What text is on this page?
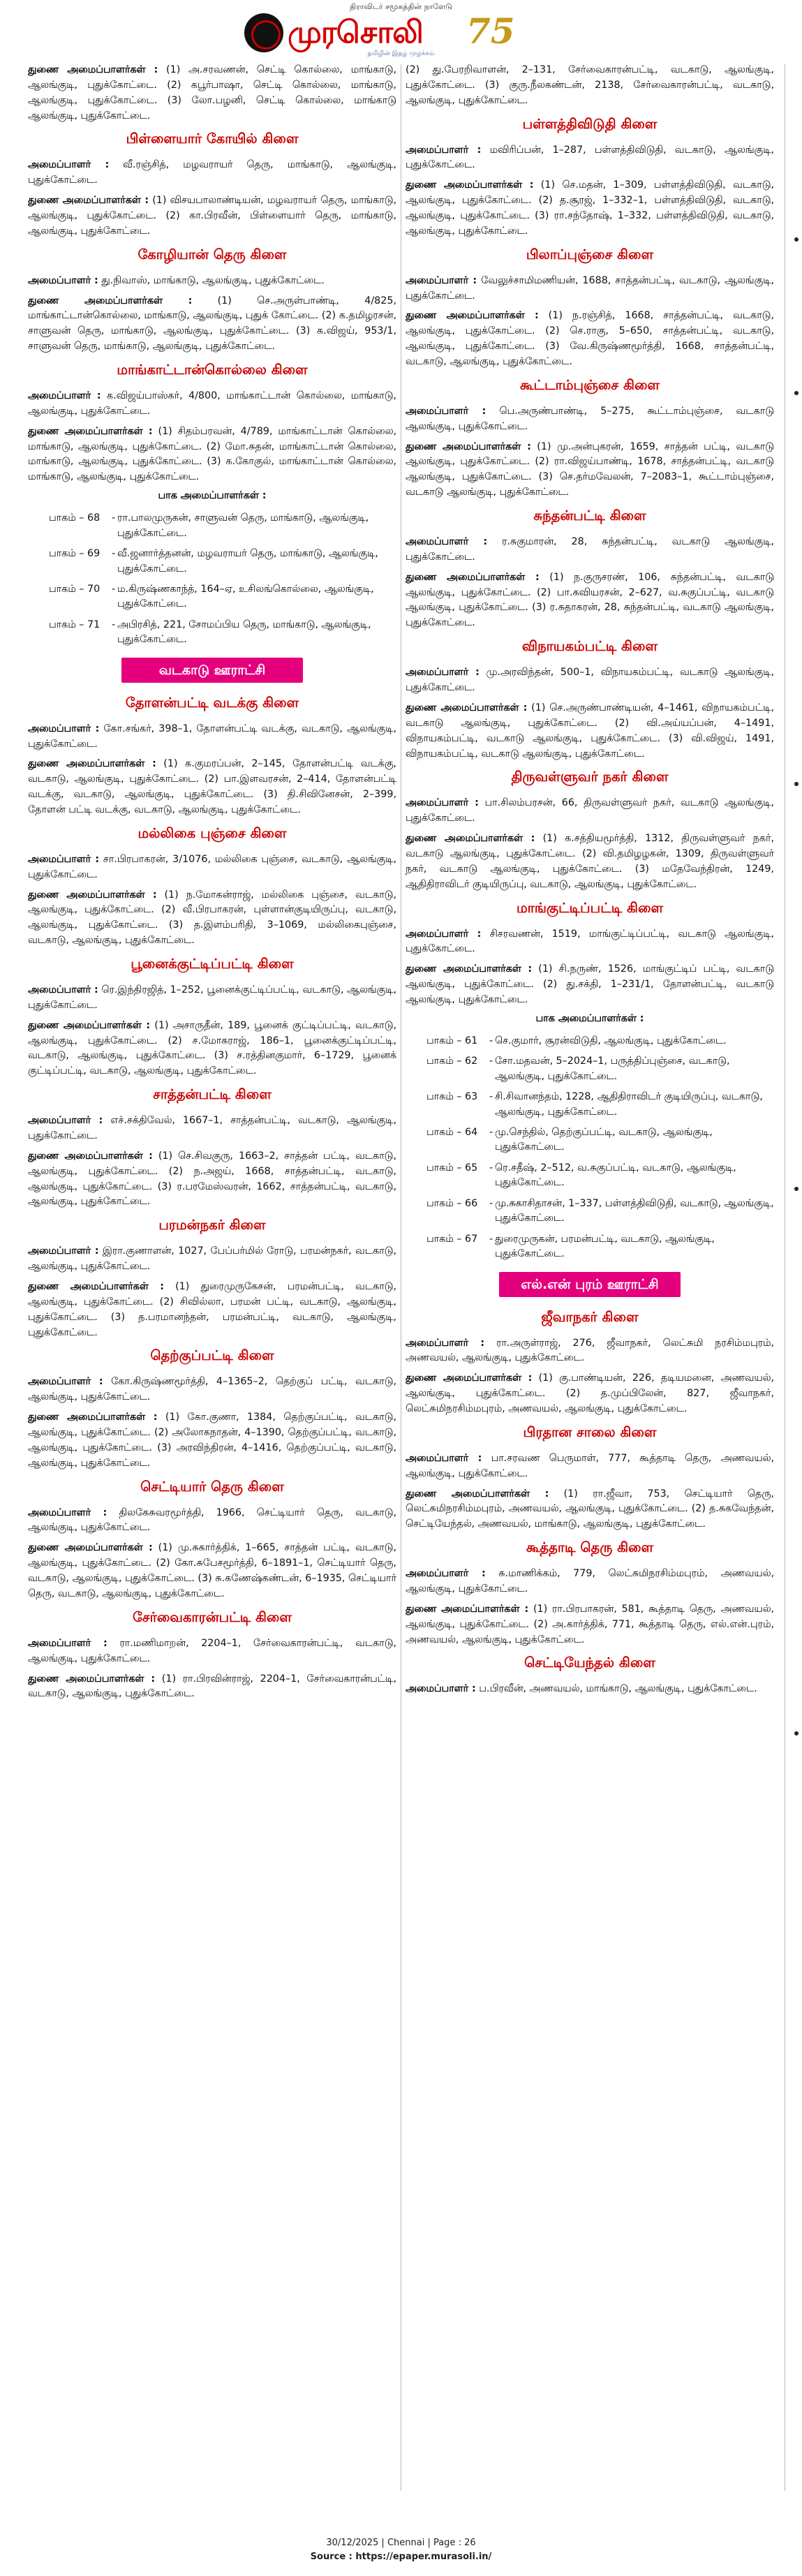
திராவிடர் சமூகத்தின் நாளேடு
முரசொலி	75
தமிழின் இதழ் முழக்கம்

துணை அமைப்பாளர்கள் : (1) அ.சரவணன், செட்டி கொல்லை, மாங்காடு, ஆலங்குடி, புதுக்கோட்டை. (2) கபூர்பாஷா, செட்டி கொல்லை, மாங்காடு, ஆலங்குடி, புதுக்கோட்டை. (3) லோ.பழனி, செட்டி கொல்லை, மாங்காடு ஆலங்குடி, புதுக்கோட்டை.

பிள்ளையார் கோயில் கிளை

அமைப்பாளர் : வீ.ரஞ்சித், மழவராயர் தெரு, மாங்காடு, ஆலங்குடி, புதுக்கோட்டை.

துணை அமைப்பாளர்கள் : (1) விசயபாலாண்டியன், மழவராயர் தெரு, மாங்காடு, ஆலங்குடி, புதுக்கோட்டை. (2) கா.பிரவீன், பிள்ளையார் தெரு, மாங்காடு, ஆலங்குடி, புதுக்கோட்டை.

கோழியான் தெரு கிளை

அமைப்பாளர் : து.நிவாஸ், மாங்காடு, ஆலங்குடி, புதுக்கோட்டை.

துணை அமைப்பாளர்கள் :	(1) செ.அருள்பாண்டி, 4/825, மாங்காட்டான்கொல்லை, மாங்காடு, ஆலங்குடி, புதுக் கோட்டை. (2) க.தமிழரசன், சாளுவன் தெரு, மாங்காடு, ஆலங்குடி, புதுக்கோட்டை. (3) க.விஜய், 953/1, சாளுவன் தெரு, மாங்காடு, ஆலங்குடி, புதுக்கோட்டை.

மாங்காட்டான்கொல்லை கிளை

அமைப்பாளர் : க.விஜய்பாஸ்கர், 4/800, மாங்காட்டான் கொல்லை, மாங்காடு, ஆலங்குடி, புதுக்கோட்டை.

துணை அமைப்பாளர்கள் : (1) சிதம்பரவன், 4/789, மாங்காட்டான் கொல்லை, மாங்காடு, ஆலங்குடி, புதுக்கோட்டை. (2) மோ.சுதன், மாங்காட்டான் கொல்லை, மாங்காடு, ஆலங்குடி, புதுக்கோட்டை. (3) க.கோகுல், மாங்காட்டான் கொல்லை, மாங்காடு, ஆலங்குடி, புதுக்கோட்டை.

பாக அமைப்பாளர்கள் :
பாகம் – 68	- ரா.பாலமுருகன், சாளுவன் தெரு, மாங்காடு, ஆலங்குடி, புதுக்கோட்டை.
பாகம் – 69	- வீ.ஜனார்த்தனன், மழவராயர் தெரு, மாங்காடு, ஆலங்குடி, புதுக்கோட்டை.
பாகம் – 70	- ம.கிருஷ்ணகாந்த், 164–ஏ, உசிலங்கொல்லை, ஆலங்குடி, புதுக்கோட்டை.
பாகம் – 71	- அபிரசித், 221, சோமப்பிய தெரு, மாங்காடு, ஆலங்குடி, புதுக்கோட்டை.
வடகாடு ஊராட்சி
தோளன்பட்டி வடக்கு கிளை

அமைப்பாளர் : கோ.சங்கர், 398–1, தோளன்பட்டி வடக்கு, வடகாடு, ஆலங்குடி, புதுக்கோட்டை.

துணை அமைப்பாளர்கள் : (1) க.குமரப்பன், 2–145, தோளன்பட்டி வடக்கு, வடகாடு, ஆலங்குடி, புதுக்கோட்டை. (2) பா.இளவரசன், 2–414, தோளன்பட்டி வடக்கு, வடகாடு, ஆலங்குடி, புதுக்கோட்டை. (3) தி.சிவினேசன், 2–399, தோளன் பட்டி வடக்கு, வடகாடு, ஆலங்குடி, புதுக்கோட்டை.

மல்லிகை புஞ்சை கிளை

அமைப்பாளர் : சா.பிரபாகரன், 3/1076, மல்லிகை புஞ்சை, வடகாடு, ஆலங்குடி, புதுக்கோட்டை.

துணை அமைப்பாளர்கள் : (1) ந.மோகன்ராஜ், மல்லிகை புஞ்சை, வடகாடு, ஆலங்குடி, புதுக்கோட்டை. (2) வீ.பிரபாகரன், புள்ளான்குடியிருப்பு, வடகாடு, ஆலங்குடி, புதுக்கோட்டை. (3) த.இளம்பரிதி, 3–1069, மல்லிகைபுஞ்சை, வடகாடு, ஆலங்குடி, புதுக்கோட்டை.

பூனைக்குட்டிப்பட்டி கிளை

அமைப்பாளர் : ரெ.இந்திரஜித், 1–252, பூனைக்குட்டிப்பட்டி, வடகாடு, ஆலங்குடி, புதுக்கோட்டை.

துணை அமைப்பாளர்கள் : (1) அசாருதீன், 189, பூனைக் குட்டிப்பட்டி, வடகாடு, ஆலங்குடி, புதுக்கோட்டை. (2) ச.மோகராஜ், 186–1, பூனைக்குட்டிப்பட்டி, வடகாடு, ஆலங்குடி, புதுக்கோட்டை. (3) ச.ரத்தினகுமார், 6–1729, பூனைக் குட்டிப்பட்டி, வடகாடு, ஆலங்குடி, புதுக்கோட்டை.

சாத்தன்பட்டி கிளை

அமைப்பாளர் : எச்.சக்திவேல், 1667–1, சாத்தன்பட்டி, வடகாடு, ஆலங்குடி, புதுக்கோட்டை.

துணை அமைப்பாளர்கள் : (1) செ.சிவகுரு, 1663–2, சாத்தன் பட்டி, வடகாடு, ஆலங்குடி, புதுக்கோட்டை. (2) ந.அஜய், 1668, சாத்தன்பட்டி, வடகாடு, ஆலங்குடி, புதுக்கோட்டை. (3) ர.பரமேஸ்வரன், 1662, சாத்தன்பட்டி, வடகாடு, ஆலங்குடி, புதுக்கோட்டை.

பரமன்நகர் கிளை

அமைப்பாளர் : இரா.குணாளன், 1027, பேப்பர்மில் ரோடு, பரமன்நகர், வடகாடு, ஆலங்குடி, புதுக்கோட்டை.

துணை அமைப்பாளர்கள் : (1) துரைமுருகேசன், பரமன்பட்டி, வடகாடு, ஆலங்குடி, புதுக்கோட்டை. (2) சிவில்லா, பரமன் பட்டி, வடகாடு, ஆலங்குடி, புதுக்கோட்டை. (3) த.பரமானந்தன், பரமன்பட்டி, வடகாடு, ஆலங்குடி, புதுக்கோட்டை.

தெற்குப்பட்டி கிளை

அமைப்பாளர் : கோ.கிருஷ்ணமூர்த்தி, 4–1365–2, தெற்குப் பட்டி, வடகாடு, ஆலங்குடி, புதுக்கோட்டை.

துணை அமைப்பாளர்கள் : (1) கோ.குணா, 1384, தெற்குப்பட்டி, வடகாடு, ஆலங்குடி, புதுக்கோட்டை. (2) அலோகநாதன், 4–1390, தெற்குப்பட்டி, வடகாடு, ஆலங்குடி, புதுக்கோட்டை. (3) அரவிந்திரன், 4–1416, தெற்குப்பட்டி, வடகாடு, ஆலங்குடி, புதுக்கோட்டை.

செட்டியார் தெரு கிளை

அமைப்பாளர் : திலகேசுவரமூர்த்தி, 1966, செட்டியார் தெரு, வடகாடு, ஆலங்குடி, புதுக்கோட்டை.

துணை அமைப்பாளர்கள் : (1) மு.சுகார்த்திக், 1–665, சாத்தன் பட்டி, வடகாடு, ஆலங்குடி, புதுக்கோட்டை. (2) கோ.சுபேசமூர்த்தி, 6–1891–1, செட்டியார் தெரு, வடகாடு, ஆலங்குடி, புதுக்கோட்டை. (3) சு.கணேஷ்கண்டன், 6–1935, செட்டியார் தெரு, வடகாடு, ஆலங்குடி, புதுக்கோட்டை.

சேர்வைகாரன்பட்டி கிளை

அமைப்பாளர் : ரா.மணிமாறன், 2204–1, சேர்வைகாரன்பட்டி, வடகாடு, ஆலங்குடி, புதுக்கோட்டை.

துணை அமைப்பாளர்கள் : (1) ரா.பிரவின்ராஜ், 2204–1, சேர்வைகாரன்பட்டி, வடகாடு, ஆலங்குடி, புதுக்கோட்டை.

(2) து.பேரறிவாளன், 2–131, சேர்வைகாரன்பட்டி, வடகாடு, ஆலங்குடி, புதுக்கோட்டை. (3) குரு.நீலகண்டன், 2138, சேர்வைகாரன்பட்டி, வடகாடு, ஆலங்குடி, புதுக்கோட்டை.

பள்ளத்திவிடுதி கிளை

அமைப்பாளர் : மவிரிப்பன், 1–287, பள்ளத்திவிடுதி, வடகாடு, ஆலங்குடி, புதுக்கோட்டை.

துணை அமைப்பாளர்கள் : (1) செ.மதன், 1–309, பள்ளத்திவிடுதி, வடகாடு, ஆலங்குடி, புதுக்கோட்டை. (2) த.சூரஜ், 1–332–1, பள்ளத்திவிடுதி, வடகாடு, ஆலங்குடி, புதுக்கோட்டை. (3) ரா.சந்தோஷ், 1–332, பள்ளத்திவிடுதி, வடகாடு, ஆலங்குடி, புதுக்கோட்டை.

பிலாப்புஞ்சை கிளை

அமைப்பாளர் : வேலுச்சாமிமணியன், 1688, சாத்தன்பட்டி, வடகாடு, ஆலங்குடி, புதுக்கோட்டை.

துணை அமைப்பாளர்கள் : (1) ந.ரஞ்சித், 1668, சாத்தன்பட்டி, வடகாடு, ஆலங்குடி, புதுக்கோட்டை. (2) செ.ராகு, 5–650, சாத்தன்பட்டி, வடகாடு, ஆலங்குடி, புதுக்கோட்டை. (3) வே.கிருஷ்ணமூர்த்தி, 1668, சாத்தன்பட்டி, வடகாடு, ஆலங்குடி, புதுக்கோட்டை.

கூட்டாம்புஞ்சை கிளை

அமைப்பாளர் : பெ.அருண்பாண்டி, 5–275, கூட்டாம்புஞ்சை, வடகாடு ஆலங்குடி, புதுக்கோட்டை.

துணை அமைப்பாளர்கள் : (1) மு.அன்புகரன், 1659, சாத்தன் பட்டி, வடகாடு ஆலங்குடி, புதுக்கோட்டை. (2) ரா.விஜய்பாண்டி, 1678, சாத்தன்பட்டி, வடகாடு ஆலங்குடி, புதுக்கோட்டை. (3) செ.தர்மவேலன், 7–2083–1, கூட்டாம்புஞ்சை, வடகாடு ஆலங்குடி, புதுக்கோட்டை.

சுந்தன்பட்டி கிளை

அமைப்பாளர் : ர.சுகுமாரன், 28, சுந்தன்பட்டி, வடகாடு ஆலங்குடி, புதுக்கோட்டை.

துணை அமைப்பாளர்கள் : (1) ந.குருசரண், 106, சுந்தன்பட்டி, வடகாடு ஆலங்குடி, புதுக்கோட்டை. (2) பா.கவியரசன், 2–627, வ.சுகுப்பட்டி, வடகாடு ஆலங்குடி, புதுக்கோட்டை. (3) ர.சுதாகரன், 28, சுந்தன்பட்டி, வடகாடு ஆலங்குடி, புதுக்கோட்டை.

விநாயகம்பட்டி கிளை

அமைப்பாளர் : மு.அரவிந்தன், 500–1, விநாயகம்பட்டி, வடகாடு ஆலங்குடி, புதுக்கோட்டை.

துணை அமைப்பாளர்கள் : (1) செ.அருண்பாண்டியன், 4–1461, விநாயகம்பட்டி, வடகாடு ஆலங்குடி, புதுக்கோட்டை. (2) வி.அய்யப்பன், 4–1491, விநாயகம்பட்டி, வடகாடு ஆலங்குடி, புதுக்கோட்டை. (3) வி.விஜய், 1491, விநாயகம்பட்டி, வடகாடு ஆலங்குடி, புதுக்கோட்டை.

திருவள்ளுவர் நகர் கிளை

அமைப்பாளர் : பா.சிலம்பரசன், 66, திருவள்ளுவர் நகர், வடகாடு ஆலங்குடி, புதுக்கோட்டை.

துணை அமைப்பாளர்கள் : (1) க.சத்தியமூர்த்தி, 1312, திருவள்ளுவர் நகர், வடகாடு ஆலங்குடி, புதுக்கோட்டை. (2) வி.தமிழழகன், 1309, திருவள்ளுவர் நகர், வடகாடு ஆலங்குடி, புதுக்கோட்டை. (3) மதேவேந்திரன், 1249, ஆதிதிராவிடர் குடியிருப்பு, வடகாடு, ஆலங்குடி, புதுக்கோட்டை.

மாங்குட்டிப்பட்டி கிளை

அமைப்பாளர் : சிசரவணன், 1519, மாங்குட்டிப்பட்டி, வடகாடு ஆலங்குடி, புதுக்கோட்டை.

துணை அமைப்பாளர்கள் : (1) சி.நருண், 1526, மாங்குட்டிப் பட்டி, வடகாடு ஆலங்குடி, புதுக்கோட்டை. (2) து.சக்தி, 1–231/1, தோளன்பட்டி, வடகாடு ஆலங்குடி, புதுக்கோட்டை.

பாக அமைப்பாளர்கள் :
பாகம் – 61	- செ.குமார், சூரன்விடுதி, ஆலங்குடி, புதுக்கோட்டை.
பாகம் – 62	- சோ.மதவன், 5–2024–1, பருத்திப்புஞ்சை, வடகாடு, ஆலங்குடி, புதுக்கோட்டை.
பாகம் – 63	- சி.சிவானந்தம், 1228, ஆதிதிராவிடர் குடியிருப்பு, வடகாடு, ஆலங்குடி, புதுக்கோட்டை.
பாகம் – 64	- மு.செந்தில், தெற்குப்பட்டி, வடகாடு, ஆலங்குடி, புதுக்கோட்டை.
பாகம் – 65	- ரெ.சதீஷ், 2–512, வ.சுகுப்பட்டி, வடகாடு, ஆலங்குடி, புதுக்கோட்டை.
பாகம் – 66	- மு.சுகாசிதாசன், 1–337, பள்ளத்திவிடுதி, வடகாடு, ஆலங்குடி, புதுக்கோட்டை.
பாகம் – 67	- துரைமுருகன், பரமன்பட்டி, வடகாடு, ஆலங்குடி, புதுக்கோட்டை.
எல்.என் புரம் ஊராட்சி
ஜீவாநகர் கிளை

அமைப்பாளர் : ரா.அருள்ராஜ், 276, ஜீவாநகர், லெட்சுமி நரசிம்மபுரம், அணவயல், ஆலங்குடி, புதுக்கோட்டை.

துணை அமைப்பாளர்கள் : (1) கு.பாண்டியன், 226, தடியமனை, அணவயல், ஆலங்குடி, புதுக்கோட்டை. (2) த.முப்பிலேன், 827, ஜீவாநகர், லெட்சுமிநரசிம்மபுரம், அணவயல், ஆலங்குடி, புதுக்கோட்டை.

பிரதான சாலை கிளை

அமைப்பாளர் : பா.சரவண பெருமாள், 777, கூத்தாடி தெரு, அணவயல், ஆலங்குடி, புதுக்கோட்டை.

துணை அமைப்பாளர்கள் : (1) ரா.ஜீவா, 753, செட்டியார் தெரு, லெட்சுமிநரசிம்மபுரம், அணவயல், ஆலங்குடி, புதுக்கோட்டை. (2) த.சுகவேந்தன், செட்டியேந்தல், அணவயல், மாங்காடு, ஆலங்குடி, புதுக்கோட்டை.

கூத்தாடி தெரு கிளை

அமைப்பாளர் : சு.மாணிக்கம், 779, லெட்சுமிநரசிம்மபுரம், அணவயல், ஆலங்குடி, புதுக்கோட்டை.

துணை அமைப்பாளர்கள் : (1) ரா.பிரபாகரன், 581, கூத்தாடி தெரு, அணவயல், ஆலங்குடி, புதுக்கோட்டை. (2) அ.கார்த்திக், 771, கூத்தாடி தெரு, எல்.என்.புரம், அணவயல், ஆலங்குடி, புதுக்கோட்டை.

செட்டியேந்தல் கிளை

அமைப்பாளர் : ப.பிரவீன், அணவயல், மாங்காடு, ஆலங்குடி, புதுக்கோட்டை.

30/12/2025 | Chennai | Page : 26
Source : https://epaper.murasoli.in/
